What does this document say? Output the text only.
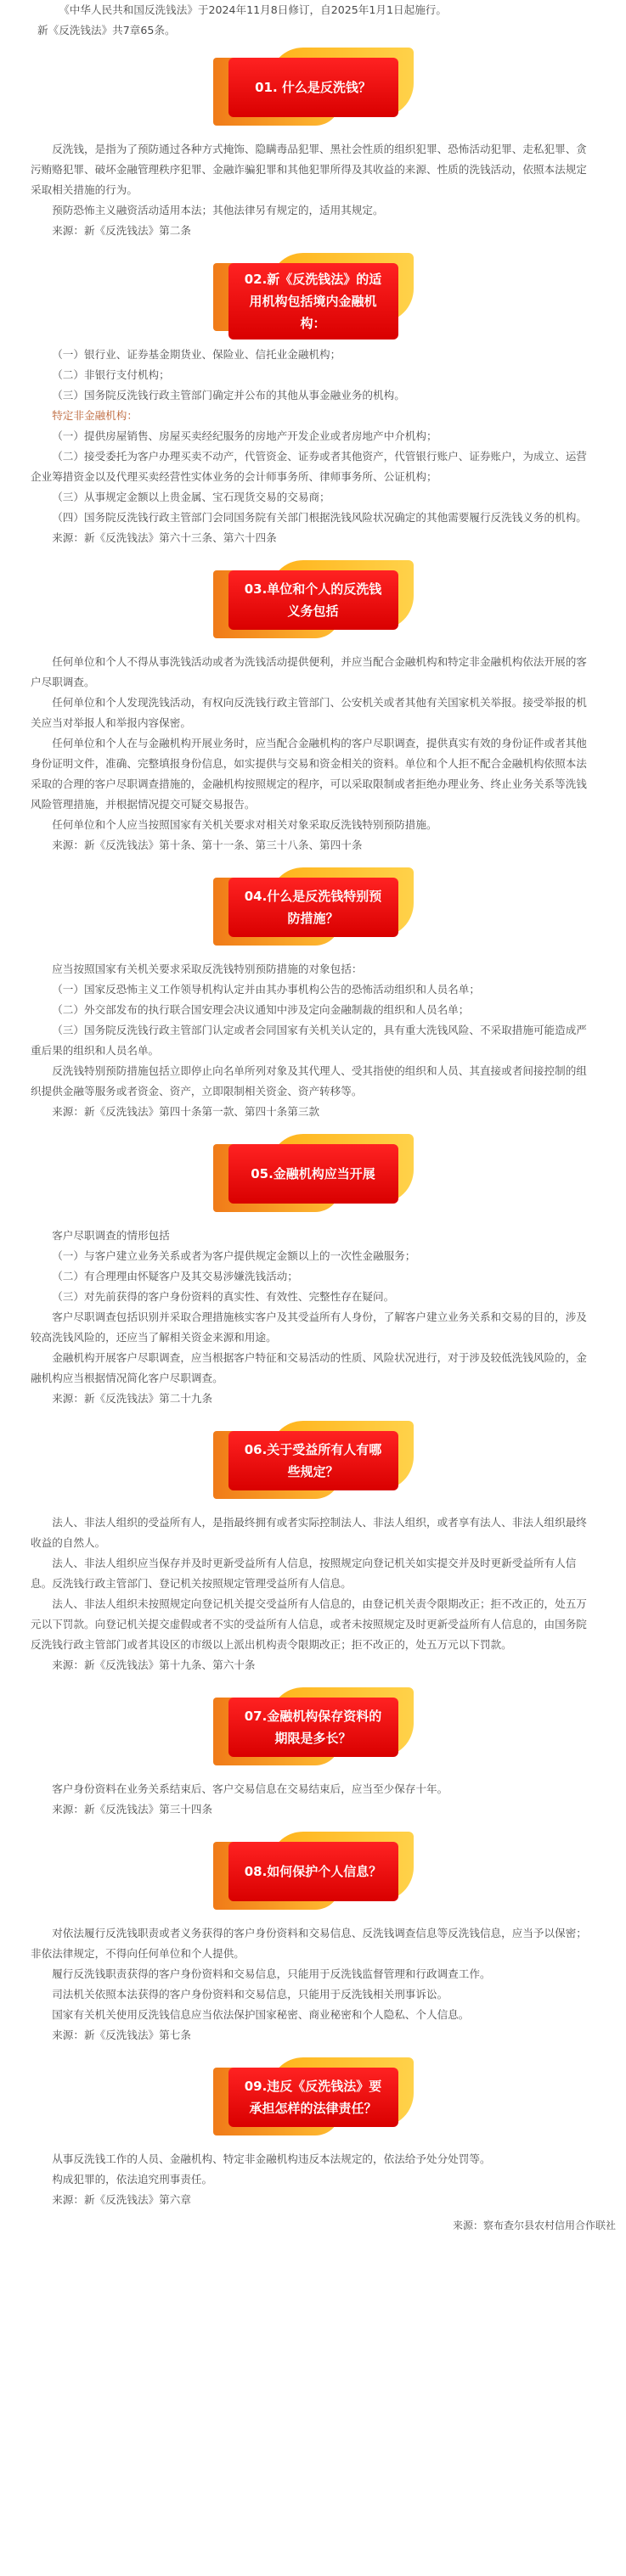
《中华人民共和国反洗钱法》于2024年11月8日修订，自2025年1月1日起施行。

新《反洗钱法》共7章65条。

01. 什么是反洗钱？

反洗钱，是指为了预防通过各种方式掩饰、隐瞒毒品犯罪、黑社会性质的组织犯罪、恐怖活动犯罪、走私犯罪、贪污贿赂犯罪、破坏金融管理秩序犯罪、金融诈骗犯罪和其他犯罪所得及其收益的来源、性质的洗钱活动，依照本法规定采取相关措施的行为。

预防恐怖主义融资活动适用本法；其他法律另有规定的，适用其规定。

来源：新《反洗钱法》第二条

02.新《反洗钱法》的适用机构包括境内金融机构：

（一）银行业、证券基金期货业、保险业、信托业金融机构；

（二）非银行支付机构；

（三）国务院反洗钱行政主管部门确定并公布的其他从事金融业务的机构。

特定非金融机构：

（一）提供房屋销售、房屋买卖经纪服务的房地产开发企业或者房地产中介机构；

（二）接受委托为客户办理买卖不动产，代管资金、证券或者其他资产，代管银行账户、证券账户，为成立、运营企业筹措资金以及代理买卖经营性实体业务的会计师事务所、律师事务所、公证机构；

（三）从事规定金额以上贵金属、宝石现货交易的交易商；

（四）国务院反洗钱行政主管部门会同国务院有关部门根据洗钱风险状况确定的其他需要履行反洗钱义务的机构。

来源：新《反洗钱法》第六十三条、第六十四条

03.单位和个人的反洗钱义务包括

任何单位和个人不得从事洗钱活动或者为洗钱活动提供便利，并应当配合金融机构和特定非金融机构依法开展的客户尽职调查。

任何单位和个人发现洗钱活动，有权向反洗钱行政主管部门、公安机关或者其他有关国家机关举报。接受举报的机关应当对举报人和举报内容保密。

任何单位和个人在与金融机构开展业务时，应当配合金融机构的客户尽职调查，提供真实有效的身份证件或者其他身份证明文件，准确、完整填报身份信息，如实提供与交易和资金相关的资料。单位和个人拒不配合金融机构依照本法采取的合理的客户尽职调查措施的，金融机构按照规定的程序，可以采取限制或者拒绝办理业务、终止业务关系等洗钱风险管理措施，并根据情况提交可疑交易报告。

任何单位和个人应当按照国家有关机关要求对相关对象采取反洗钱特别预防措施。

来源：新《反洗钱法》第十条、第十一条、第三十八条、第四十条

04.什么是反洗钱特别预防措施？

应当按照国家有关机关要求采取反洗钱特别预防措施的对象包括：

（一）国家反恐怖主义工作领导机构认定并由其办事机构公告的恐怖活动组织和人员名单；

（二）外交部发布的执行联合国安理会决议通知中涉及定向金融制裁的组织和人员名单；

（三）国务院反洗钱行政主管部门认定或者会同国家有关机关认定的，具有重大洗钱风险、不采取措施可能造成严重后果的组织和人员名单。

反洗钱特别预防措施包括立即停止向名单所列对象及其代理人、受其指使的组织和人员、其直接或者间接控制的组织提供金融等服务或者资金、资产，立即限制相关资金、资产转移等。

来源：新《反洗钱法》第四十条第一款、第四十条第三款

05.金融机构应当开展

客户尽职调查的情形包括

（一）与客户建立业务关系或者为客户提供规定金额以上的一次性金融服务；

（二）有合理理由怀疑客户及其交易涉嫌洗钱活动；

（三）对先前获得的客户身份资料的真实性、有效性、完整性存在疑问。

客户尽职调查包括识别并采取合理措施核实客户及其受益所有人身份，了解客户建立业务关系和交易的目的，涉及较高洗钱风险的，还应当了解相关资金来源和用途。

金融机构开展客户尽职调查，应当根据客户特征和交易活动的性质、风险状况进行，对于涉及较低洗钱风险的，金融机构应当根据情况简化客户尽职调查。

来源：新《反洗钱法》第二十九条

06.关于受益所有人有哪些规定？

法人、非法人组织的受益所有人，是指最终拥有或者实际控制法人、非法人组织，或者享有法人、非法人组织最终收益的自然人。

法人、非法人组织应当保存并及时更新受益所有人信息，按照规定向登记机关如实提交并及时更新受益所有人信息。反洗钱行政主管部门、登记机关按照规定管理受益所有人信息。

法人、非法人组织未按照规定向登记机关提交受益所有人信息的，由登记机关责令限期改正；拒不改正的，处五万元以下罚款。向登记机关提交虚假或者不实的受益所有人信息，或者未按照规定及时更新受益所有人信息的，由国务院反洗钱行政主管部门或者其设区的市级以上派出机构责令限期改正；拒不改正的，处五万元以下罚款。

来源：新《反洗钱法》第十九条、第六十条

07.金融机构保存资料的期限是多长？

客户身份资料在业务关系结束后、客户交易信息在交易结束后，应当至少保存十年。

来源：新《反洗钱法》第三十四条

08.如何保护个人信息？

对依法履行反洗钱职责或者义务获得的客户身份资料和交易信息、反洗钱调查信息等反洗钱信息，应当予以保密；非依法律规定，不得向任何单位和个人提供。

履行反洗钱职责获得的客户身份资料和交易信息，只能用于反洗钱监督管理和行政调查工作。

司法机关依照本法获得的客户身份资料和交易信息，只能用于反洗钱相关刑事诉讼。

国家有关机关使用反洗钱信息应当依法保护国家秘密、商业秘密和个人隐私、个人信息。

来源：新《反洗钱法》第七条

09.违反《反洗钱法》要承担怎样的法律责任？

从事反洗钱工作的人员、金融机构、特定非金融机构违反本法规定的，依法给予处分处罚等。

构成犯罪的，依法追究刑事责任。

来源：新《反洗钱法》第六章

来源：察布查尔县农村信用合作联社
